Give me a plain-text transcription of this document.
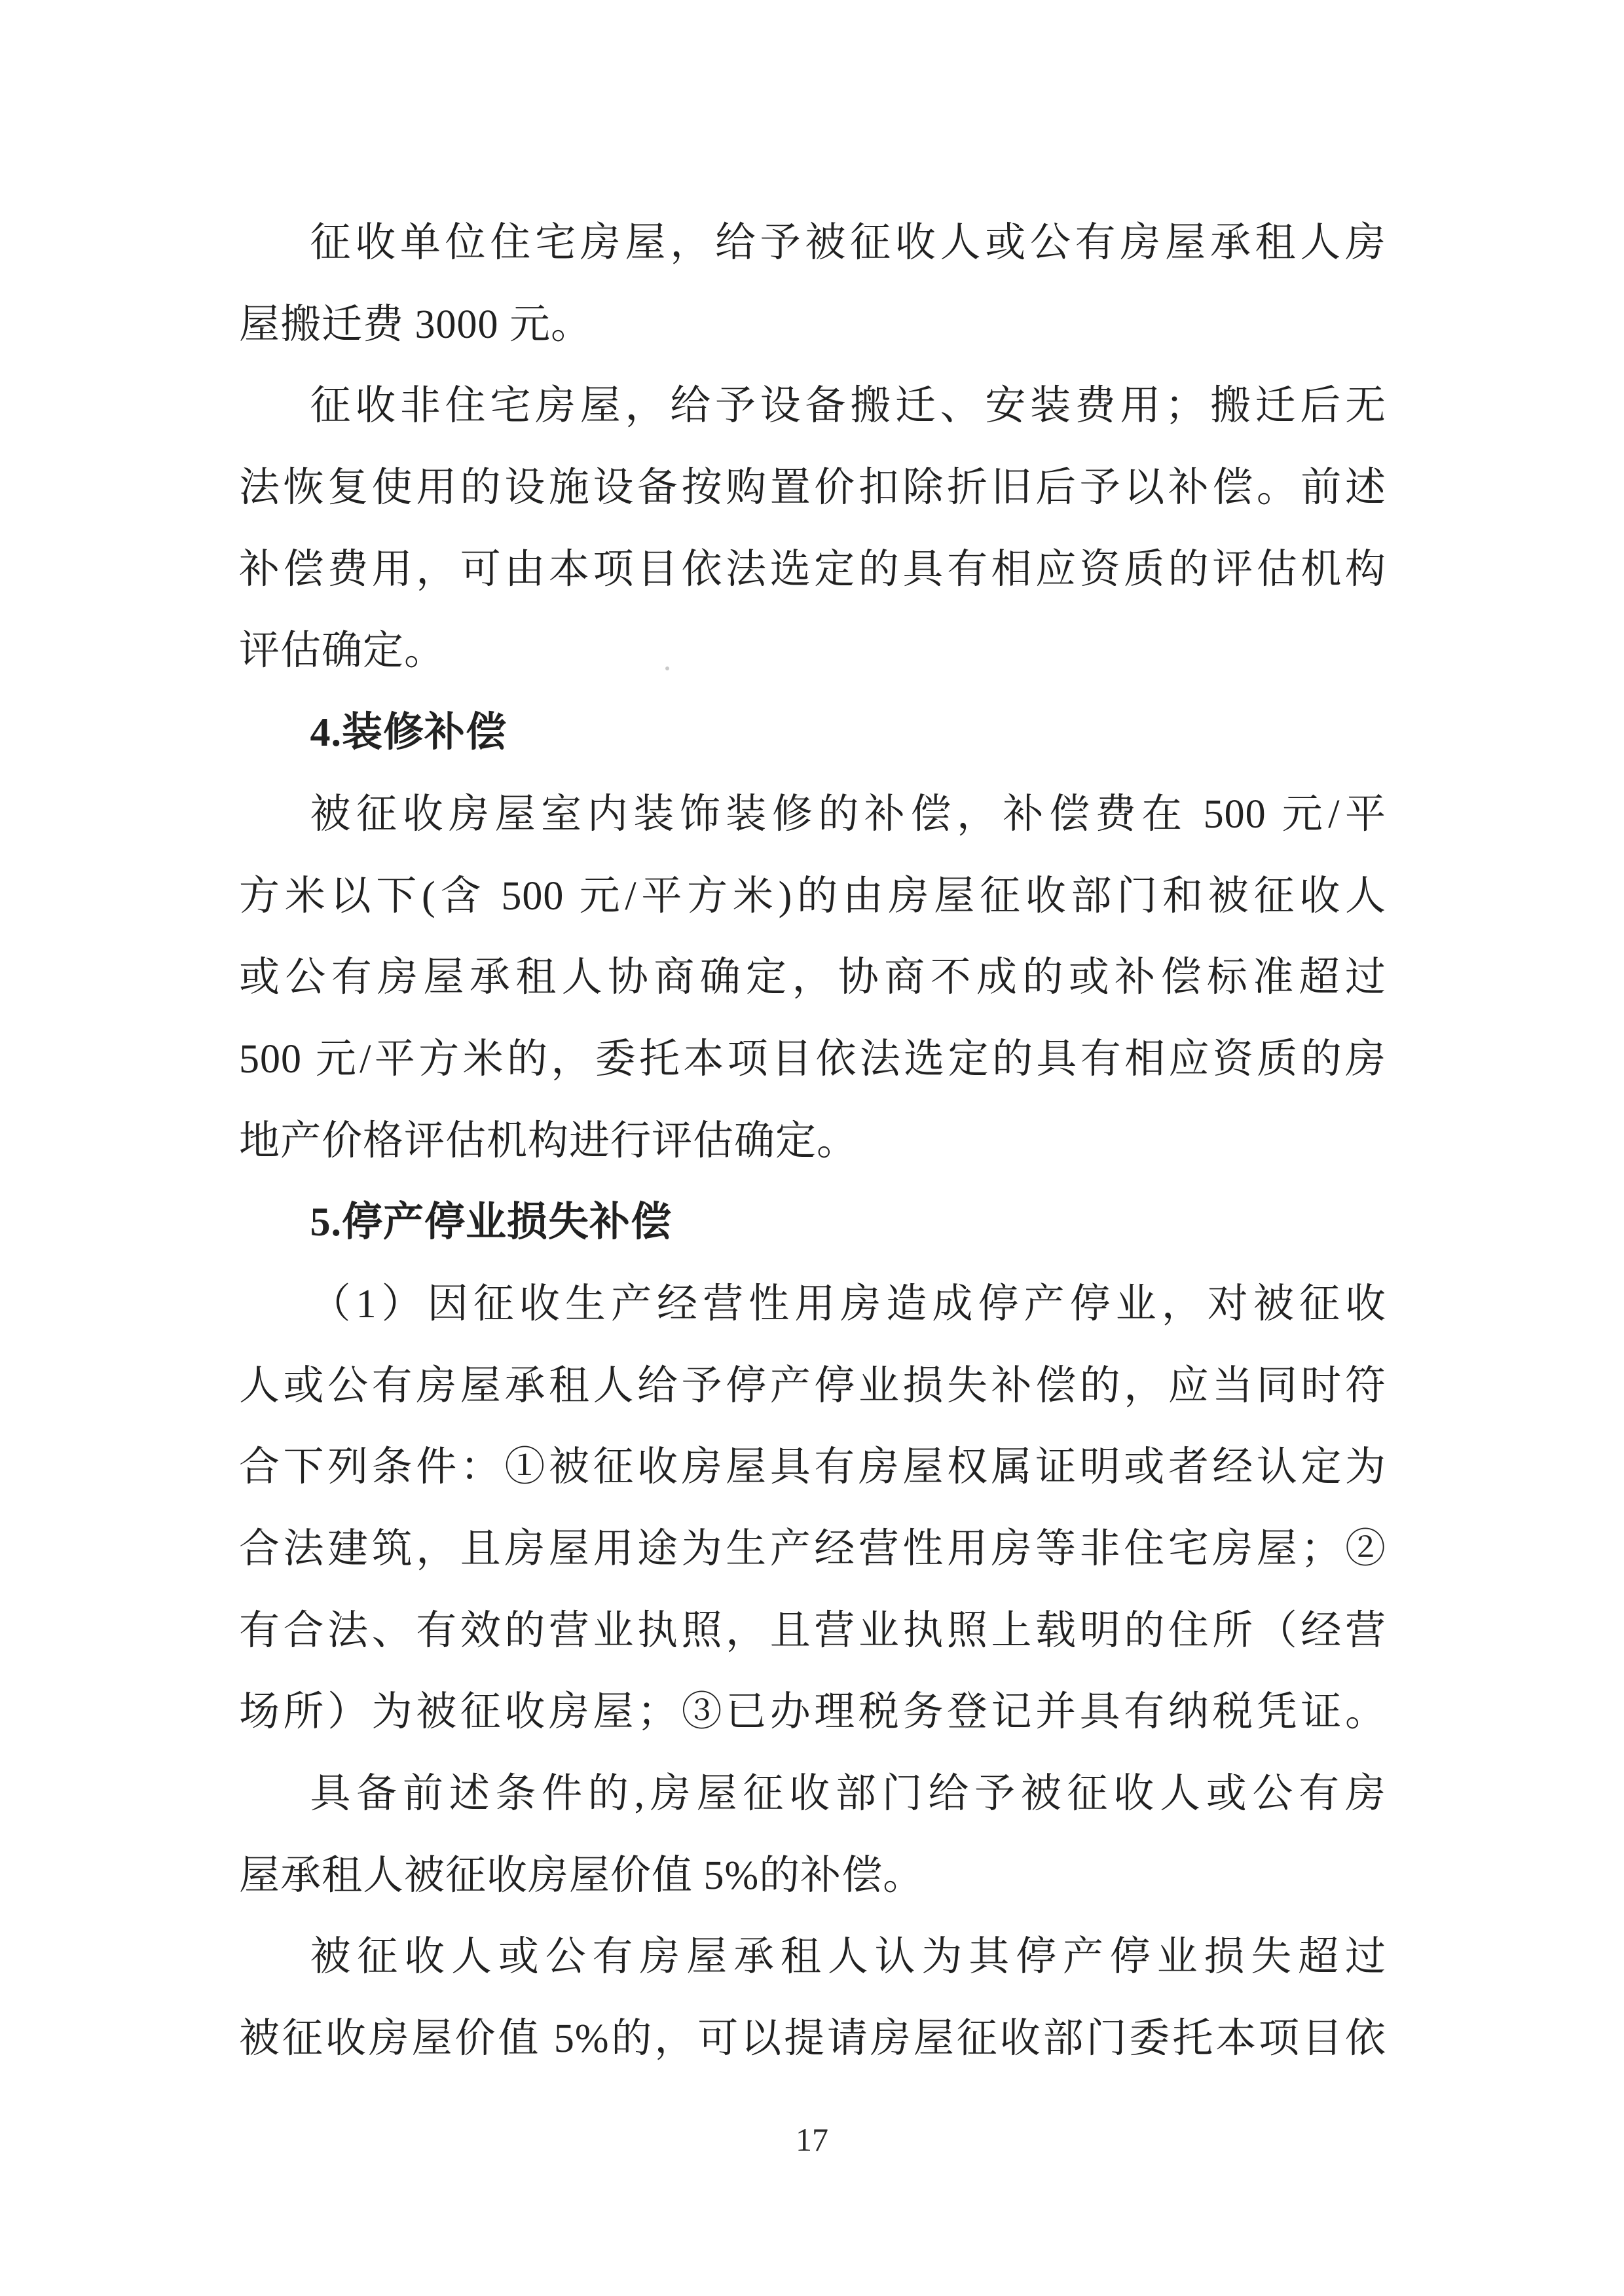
征收单位住宅房屋，给予被征收人或公有房屋承租人房
屋搬迁费 3000 元。
征收非住宅房屋，给予设备搬迁、安装费用；搬迁后无
法恢复使用的设施设备按购置价扣除折旧后予以补偿。前述
补偿费用，可由本项目依法选定的具有相应资质的评估机构
评估确定。
4.装修补偿
被征收房屋室内装饰装修的补偿，补偿费在 500 元/平
方米以下(含 500 元/平方米)的由房屋征收部门和被征收人
或公有房屋承租人协商确定，协商不成的或补偿标准超过
500 元/平方米的，委托本项目依法选定的具有相应资质的房
地产价格评估机构进行评估确定。
5.停产停业损失补偿
（1）因征收生产经营性用房造成停产停业，对被征收
人或公有房屋承租人给予停产停业损失补偿的，应当同时符
合下列条件：①被征收房屋具有房屋权属证明或者经认定为
合法建筑，且房屋用途为生产经营性用房等非住宅房屋；②
有合法、有效的营业执照，且营业执照上载明的住所（经营
场所）为被征收房屋；③已办理税务登记并具有纳税凭证。
具备前述条件的,房屋征收部门给予被征收人或公有房
屋承租人被征收房屋价值 5%的补偿。
被征收人或公有房屋承租人认为其停产停业损失超过
被征收房屋价值 5%的，可以提请房屋征收部门委托本项目依
17
